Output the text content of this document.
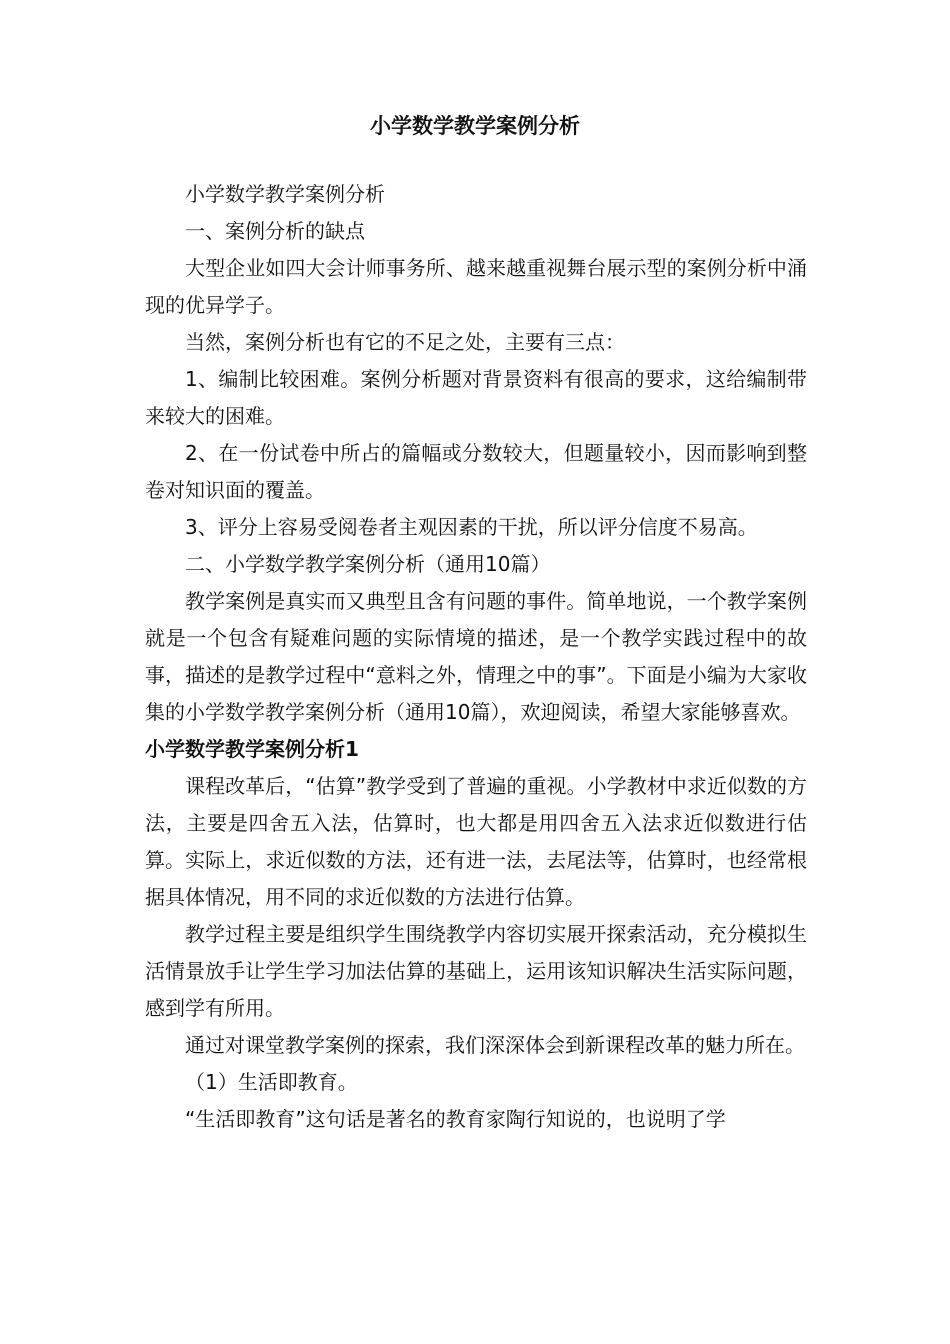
小学数学教学案例分析

小学数学教学案例分析

一、案例分析的缺点

大型企业如四大会计师事务所、越来越重视舞台展示型的案例分析中涌现的优异学子。

当然，案例分析也有它的不足之处，主要有三点：

1、编制比较困难。案例分析题对背景资料有很高的要求，这给编制带来较大的困难。

2、在一份试卷中所占的篇幅或分数较大，但题量较小，因而影响到整卷对知识面的覆盖。

3、评分上容易受阅卷者主观因素的干扰，所以评分信度不易高。

二、小学数学教学案例分析（通用10篇）

教学案例是真实而又典型且含有问题的事件。简单地说，一个教学案例就是一个包含有疑难问题的实际情境的描述，是一个教学实践过程中的故事，描述的是教学过程中“意料之外，情理之中的事”。下面是小编为大家收集的小学数学教学案例分析（通用10篇），欢迎阅读，希望大家能够喜欢。

小学数学教学案例分析1

课程改革后，“估算”教学受到了普遍的重视。小学教材中求近似数的方法，主要是四舍五入法，估算时，也大都是用四舍五入法求近似数进行估算。实际上，求近似数的方法，还有进一法，去尾法等，估算时，也经常根据具体情况，用不同的求近似数的方法进行估算。

教学过程主要是组织学生围绕教学内容切实展开探索活动，充分模拟生活情景放手让学生学习加法估算的基础上，运用该知识解决生活实际问题，感到学有所用。

通过对课堂教学案例的探索，我们深深体会到新课程改革的魅力所在。

（1）生活即教育。

“生活即教育”这句话是著名的教育家陶行知说的，也说明了学
